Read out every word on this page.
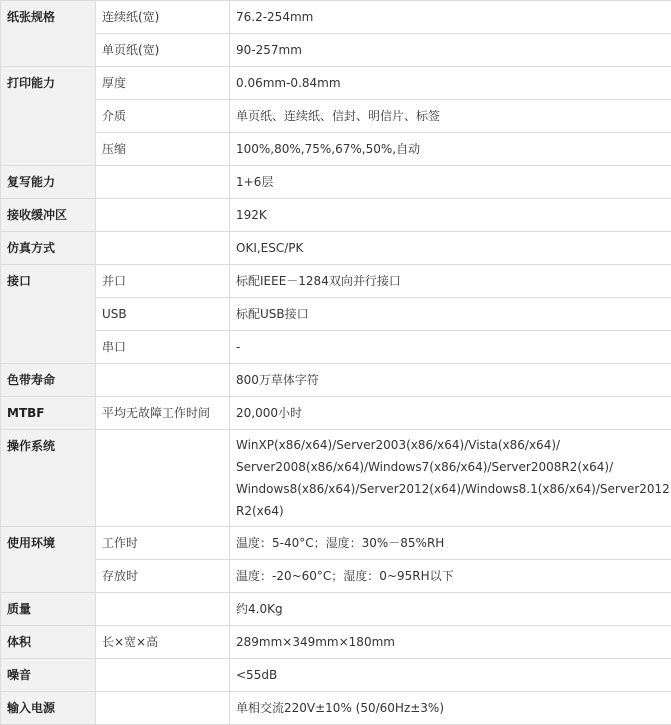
纸张规格	连续纸(宽)	76.2-254mm
	单页纸(宽)	90-257mm
打印能力	厚度	0.06mm-0.84mm
	介质	单页纸、连续纸、信封、明信片、标签
	压缩	100%,80%,75%,67%,50%,自动
复写能力		1+6层
接收缓冲区		192K
仿真方式		OKI,ESC/PK
接口	并口	标配IEEE－1284双向并行接口
	USB	标配USB接口
	串口	-
色带寿命		800万草体字符
MTBF	平均无故障工作时间	20,000小时
操作系统		WinXP(x86/x64)/Server2003(x86/x64)/Vista(x86/x64)/ Server2008(x86/x64)/Windows7(x86/x64)/Server2008R2(x64)/ Windows8(x86/x64)/Server2012(x64)/Windows8.1(x86/x64)/Server2012R2(x64)
使用环境	工作时	温度：5-40°C；湿度：30%－85%RH
	存放时	温度：-20~60°C；湿度：0~95RH以下
质量		约4.0Kg
体积	长×宽×高	289mm×349mm×180mm
噪音		<55dB
输入电源		单相交流220V±10% (50/60Hz±3%)
